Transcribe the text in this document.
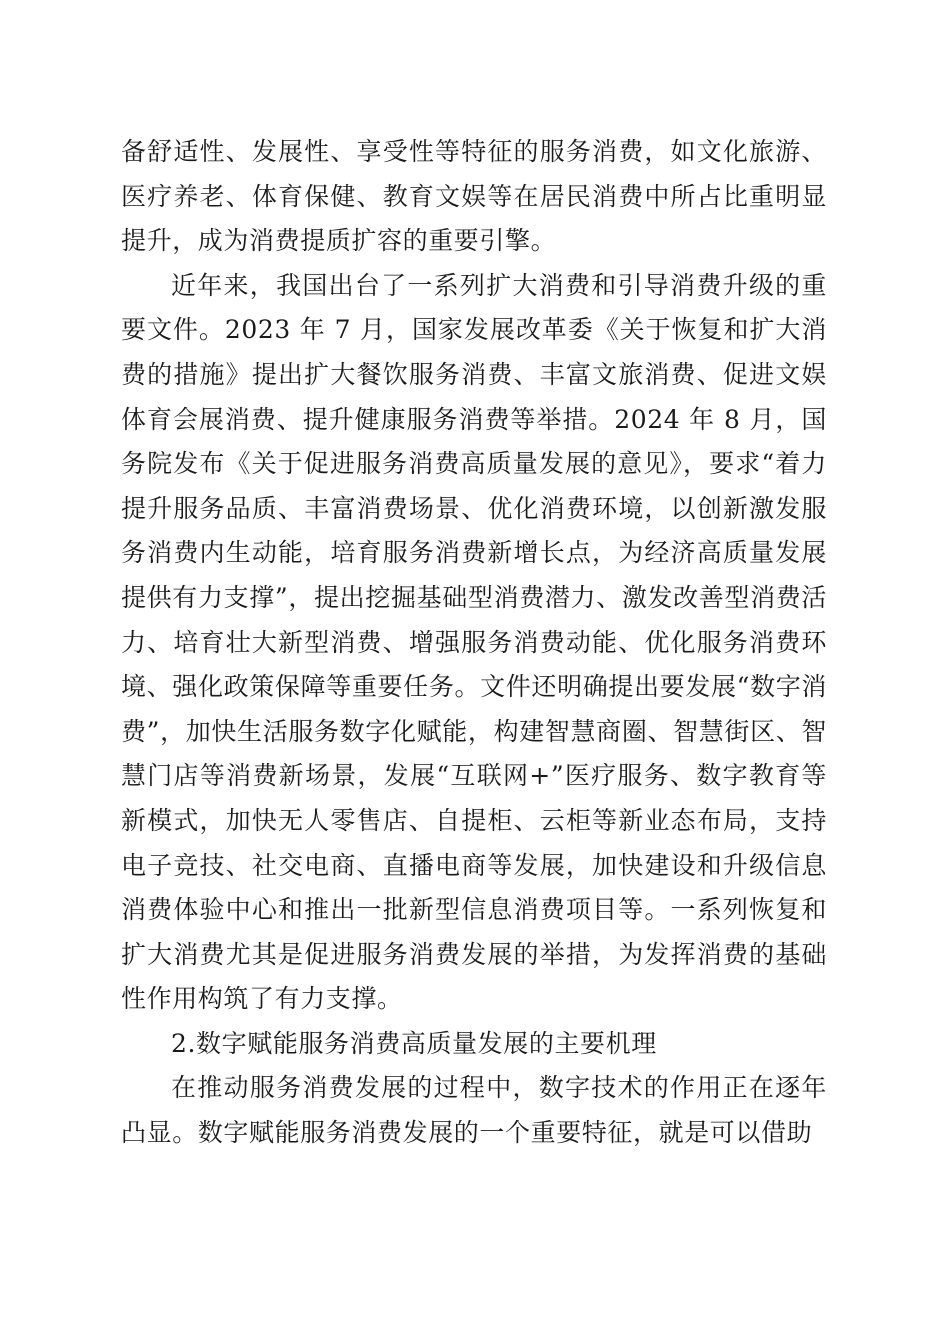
备舒适性、发展性、享受性等特征的服务消费，如文化旅游、医疗养老、体育保健、教育文娱等在居民消费中所占比重明显提升，成为消费提质扩容的重要引擎。

近年来，我国出台了一系列扩大消费和引导消费升级的重要文件。2023 年 7 月，国家发展改革委《关于恢复和扩大消费的措施》提出扩大餐饮服务消费、丰富文旅消费、促进文娱体育会展消费、提升健康服务消费等举措。2024 年 8 月，国务院发布《关于促进服务消费高质量发展的意见》，要求“着力提升服务品质、丰富消费场景、优化消费环境，以创新激发服务消费内生动能，培育服务消费新增长点，为经济高质量发展提供有力支撑”，提出挖掘基础型消费潜力、激发改善型消费活力、培育壮大新型消费、增强服务消费动能、优化服务消费环境、强化政策保障等重要任务。文件还明确提出要发展“数字消费”，加快生活服务数字化赋能，构建智慧商圈、智慧街区、智慧门店等消费新场景，发展“互联网+”医疗服务、数字教育等新模式，加快无人零售店、自提柜、云柜等新业态布局，支持电子竞技、社交电商、直播电商等发展，加快建设和升级信息消费体验中心和推出一批新型信息消费项目等。一系列恢复和扩大消费尤其是促进服务消费发展的举措，为发挥消费的基础性作用构筑了有力支撑。

2.数字赋能服务消费高质量发展的主要机理

在推动服务消费发展的过程中，数字技术的作用正在逐年凸显。数字赋能服务消费发展的一个重要特征，就是可以借助
